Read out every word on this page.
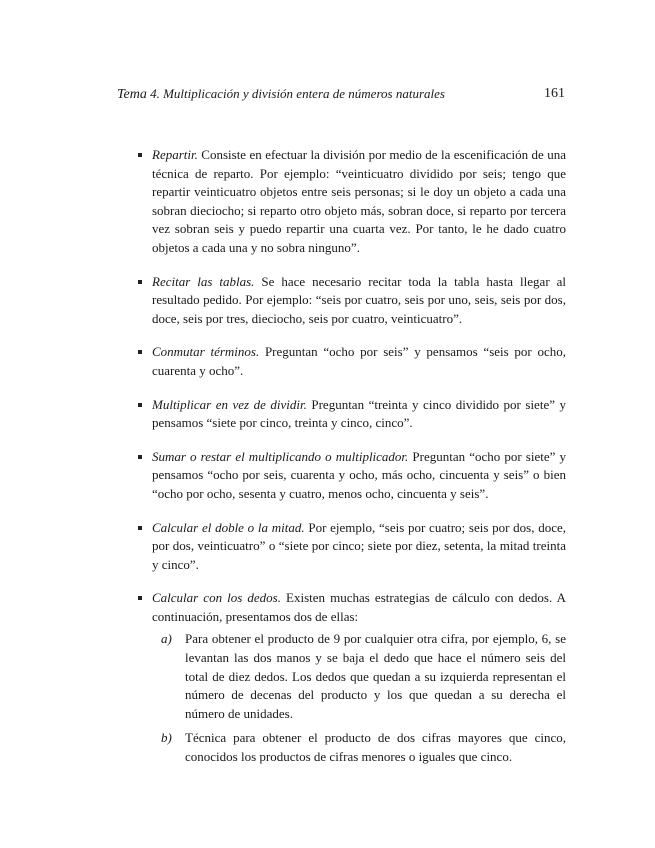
Tema 4. Multiplicación y división entera de números naturales	161
Repartir. Consiste en efectuar la división por medio de la escenificación de una técnica de reparto. Por ejemplo: “veinticuatro dividido por seis; tengo que repartir veinticuatro objetos entre seis personas; si le doy un objeto a cada una sobran dieciocho; si reparto otro objeto más, sobran doce, si reparto por tercera vez sobran seis y puedo repartir una cuarta vez. Por tanto, le he dado cuatro objetos a cada una y no sobra ninguno”.
Recitar las tablas. Se hace necesario recitar toda la tabla hasta llegar al resultado pedido. Por ejemplo: “seis por cuatro, seis por uno, seis, seis por dos, doce, seis por tres, dieciocho, seis por cuatro, veinticuatro”.
Conmutar términos. Preguntan “ocho por seis” y pensamos “seis por ocho, cuarenta y ocho”.
Multiplicar en vez de dividir. Preguntan “treinta y cinco dividido por siete” y pensamos “siete por cinco, treinta y cinco, cinco”.
Sumar o restar el multiplicando o multiplicador. Preguntan “ocho por siete” y pensamos “ocho por seis, cuarenta y ocho, más ocho, cincuenta y seis” o bien “ocho por ocho, sesenta y cuatro, menos ocho, cincuenta y seis”.
Calcular el doble o la mitad. Por ejemplo, “seis por cuatro; seis por dos, doce, por dos, veinticuatro” o “siete por cinco; siete por diez, setenta, la mitad treinta y cinco”.
Calcular con los dedos. Existen muchas estrategias de cálculo con dedos. A continuación, presentamos dos de ellas:
a) Para obtener el producto de 9 por cualquier otra cifra, por ejemplo, 6, se levantan las dos manos y se baja el dedo que hace el número seis del total de diez dedos. Los dedos que quedan a su izquierda representan el número de decenas del producto y los que quedan a su derecha el número de unidades.
b) Técnica para obtener el producto de dos cifras mayores que cinco, conocidos los productos de cifras menores o iguales que cinco.
